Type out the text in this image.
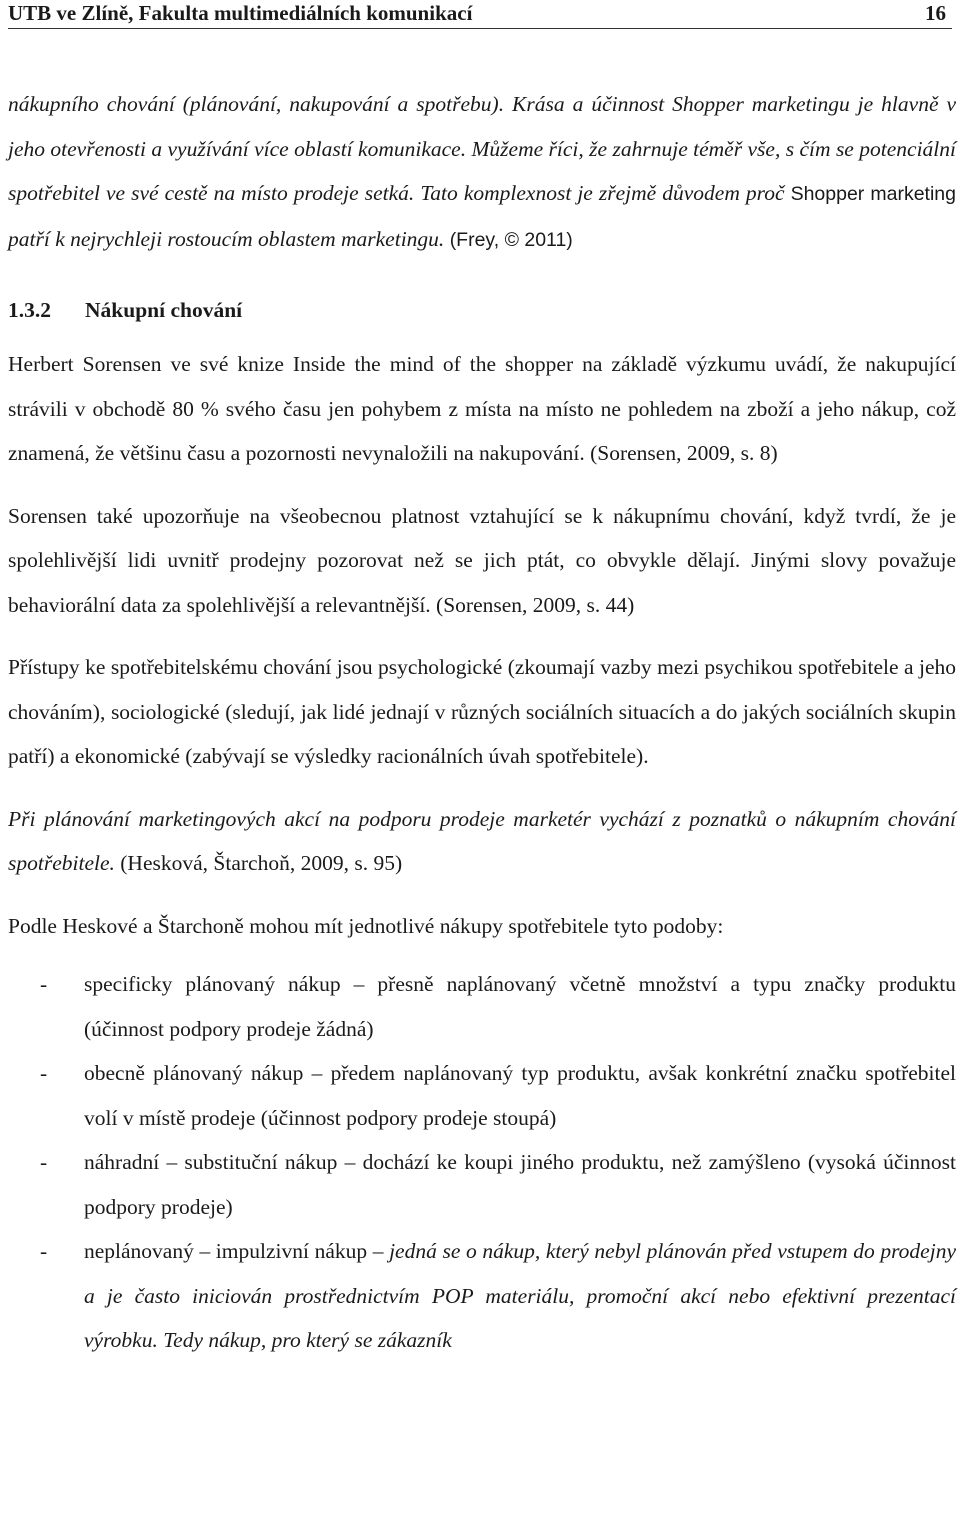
UTB ve Zlíně, Fakulta multimediálních komunikací	16

nákupního chování (plánování, nakupování a spotřebu). Krása a účinnost Shopper marketingu je hlavně v jeho otevřenosti a využívání více oblastí komunikace. Můžeme říci, že zahrnuje téměř vše, s čím se potenciální spotřebitel ve své cestě na místo prodeje setká. Tato komplexnost je zřejmě důvodem proč Shopper marketing patří k nejrychleji rostoucím oblastem marketingu. (Frey, © 2011)

1.3.2 Nákupní chování

Herbert Sorensen ve své knize Inside the mind of the shopper na základě výzkumu uvádí, že nakupující strávili v obchodě 80 % svého času jen pohybem z místa na místo ne pohledem na zboží a jeho nákup, což znamená, že většinu času a pozornosti nevynaložili na nakupování. (Sorensen, 2009, s. 8)

Sorensen také upozorňuje na všeobecnou platnost vztahující se k nákupnímu chování, když tvrdí, že je spolehlivější lidi uvnitř prodejny pozorovat než se jich ptát, co obvykle dělají. Jinými slovy považuje behaviorální data za spolehlivější a relevantnější. (Sorensen, 2009, s. 44)

Přístupy ke spotřebitelskému chování jsou psychologické (zkoumají vazby mezi psychikou spotřebitele a jeho chováním), sociologické (sledují, jak lidé jednají v různých sociálních situacích a do jakých sociálních skupin patří) a ekonomické (zabývají se výsledky racionálních úvah spotřebitele).

Při plánování marketingových akcí na podporu prodeje marketér vychází z poznatků o nákupním chování spotřebitele. (Hesková, Štarchoň, 2009, s. 95)

Podle Heskové a Štarchoně mohou mít jednotlivé nákupy spotřebitele tyto podoby:

- specificky plánovaný nákup – přesně naplánovaný včetně množství a typu značky produktu (účinnost podpory prodeje žádná)
- obecně plánovaný nákup – předem naplánovaný typ produktu, avšak konkrétní značku spotřebitel volí v místě prodeje (účinnost podpory prodeje stoupá)
- náhradní – substituční nákup – dochází ke koupi jiného produktu, než zamýšleno (vysoká účinnost podpory prodeje)
- neplánovaný – impulzivní nákup – jedná se o nákup, který nebyl plánován před vstupem do prodejny a je často iniciován prostřednictvím POP materiálu, promoční akcí nebo efektivní prezentací výrobku. Tedy nákup, pro který se zákazník
